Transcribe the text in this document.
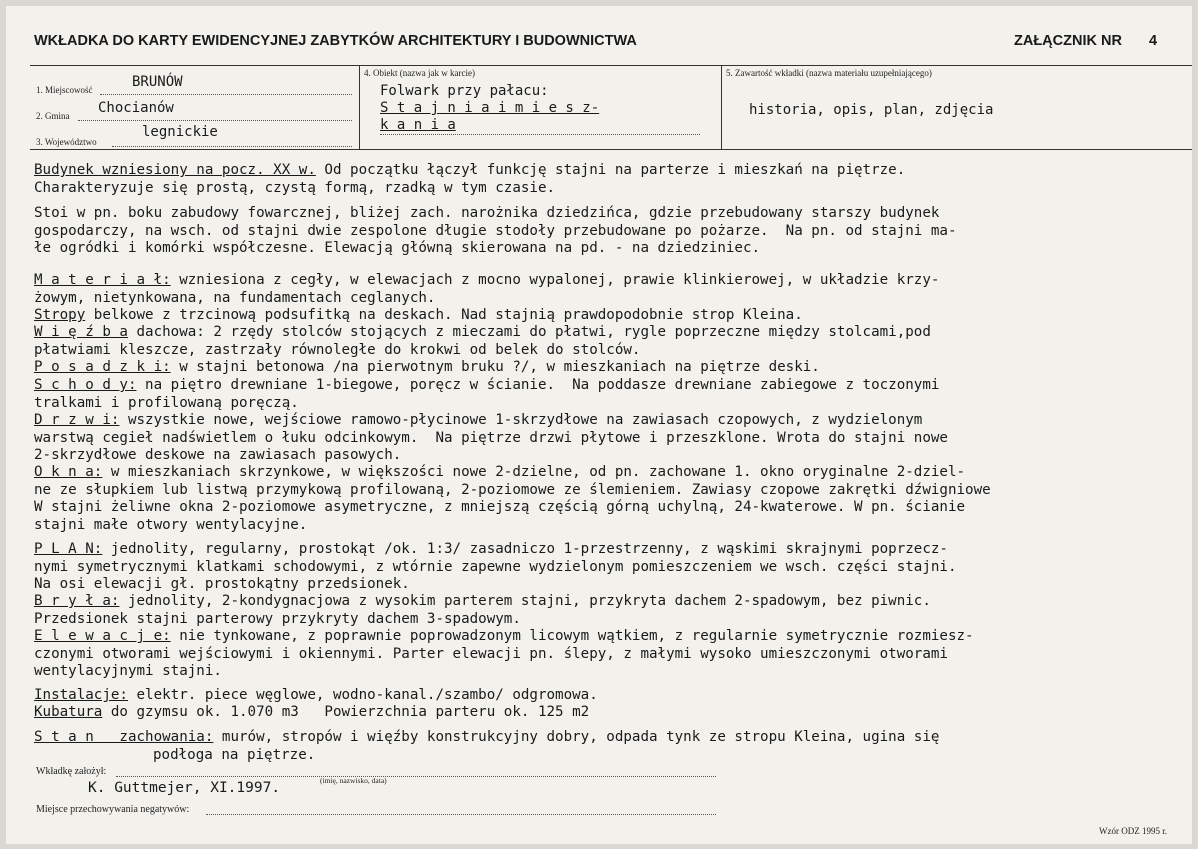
WKŁADKA DO KARTY EWIDENCYJNEJ ZABYTKÓW ARCHITEKTURY I BUDOWNICTWA	ZAŁĄCZNIK NR 4
1. Miejscowość	BRUNÓW
2. Gmina Chocianów
3. Województwo
legnickie
4. Obiekt (nazwa jak w karcie)
Folwark przy pałacu:
S t a j n i a i m i e s z-
k a n i a
5. Zawartość wkładki (nazwa materiału uzupełniającego)
historia, opis, plan, zdjęcia
Budynek wzniesiony na pocz. XX w. Od początku łączył funkcję stajni na parterze i mieszkań na piętrze.
Charakteryzuje się prostą, czystą formą, rzadką w tym czasie.
Stoi w pn. boku zabudowy fowarcznej, bliżej zach. narożnika dziedzińca, gdzie przebudowany starszy budynek
gospodarczy, na wsch. od stajni dwie zespolone długie stodoły przebudowane po pożarze.  Na pn. od stajni ma-
łe ogródki i komórki współczesne. Elewacją główną skierowana na pd. - na dziedziniec.
M a t e r i a ł: wzniesiona z cegły, w elewacjach z mocno wypalonej, prawie klinkierowej, w układzie krzy-
żowym, nietynkowana, na fundamentach ceglanych.
Stropy belkowe z trzcinową podsufitką na deskach. Nad stajnią prawdopodobnie strop Kleina.
W i ę ź b a dachowa: 2 rzędy stolców stojących z mieczami do płatwi, rygle poprzeczne między stolcami,pod
płatwiami kleszcze, zastrzały równoległe do krokwi od belek do stolców.
P o s a d z k i: w stajni betonowa /na pierwotnym bruku ?/, w mieszkaniach na piętrze deski.
S c h o d y: na piętro drewniane 1-biegowe, poręcz w ścianie.  Na poddasze drewniane zabiegowe z toczonymi
tralkami i profilowaną poręczą.
D r z w i: wszystkie nowe, wejściowe ramowo-płycinowe 1-skrzydłowe na zawiasach czopowych, z wydzielonym
warstwą cegieł nadświetlem o łuku odcinkowym.  Na piętrze drzwi płytowe i przeszklone. Wrota do stajni nowe
2-skrzydłowe deskowe na zawiasach pasowych.
O k n a: w mieszkaniach skrzynkowe, w większości nowe 2-dzielne, od pn. zachowane 1. okno oryginalne 2-dziel-
ne ze słupkiem lub listwą przymykową profilowaną, 2-poziomowe ze ślemieniem. Zawiasy czopowe zakrętki dźwigniowe
W stajni żeliwne okna 2-poziomowe asymetryczne, z mniejszą częścią górną uchylną, 24-kwaterowe. W pn. ścianie
stajni małe otwory wentylacyjne.
P L A N: jednolity, regularny, prostokąt /ok. 1:3/ zasadniczo 1-przestrzenny, z wąskimi skrajnymi poprzecz-
nymi symetrycznymi klatkami schodowymi, z wtórnie zapewne wydzielonym pomieszczeniem we wsch. części stajni.
Na osi elewacji gł. prostokątny przedsionek.
B r y ł a: jednolity, 2-kondygnacjowa z wysokim parterem stajni, przykryta dachem 2-spadowym, bez piwnic.
Przedsionek stajni parterowy przykryty dachem 3-spadowym.
E l e w a c j e: nie tynkowane, z poprawnie poprowadzonym licowym wątkiem, z regularnie symetrycznie rozmiesz-
czonymi otworami wejściowymi i okiennymi. Parter elewacji pn. ślepy, z małymi wysoko umieszczonymi otworami
wentylacyjnymi stajni.
Instalacje: elektr. piece węglowe, wodno-kanal./szambo/ odgromowa.
Kubatura do gzymsu ok. 1.070 m3   Powierzchnia parteru ok. 125 m2
S t a n   zachowania: murów, stropów i więźby konstrukcyjny dobry, odpada tynk ze stropu Kleina, ugina się
podłoga na piętrze.
Wkładkę założył:
(imię, nazwisko, data)
K. Guttmejer, XI.1997.
Miejsce przechowywania negatywów:
Wzór ODZ 1995 r.
